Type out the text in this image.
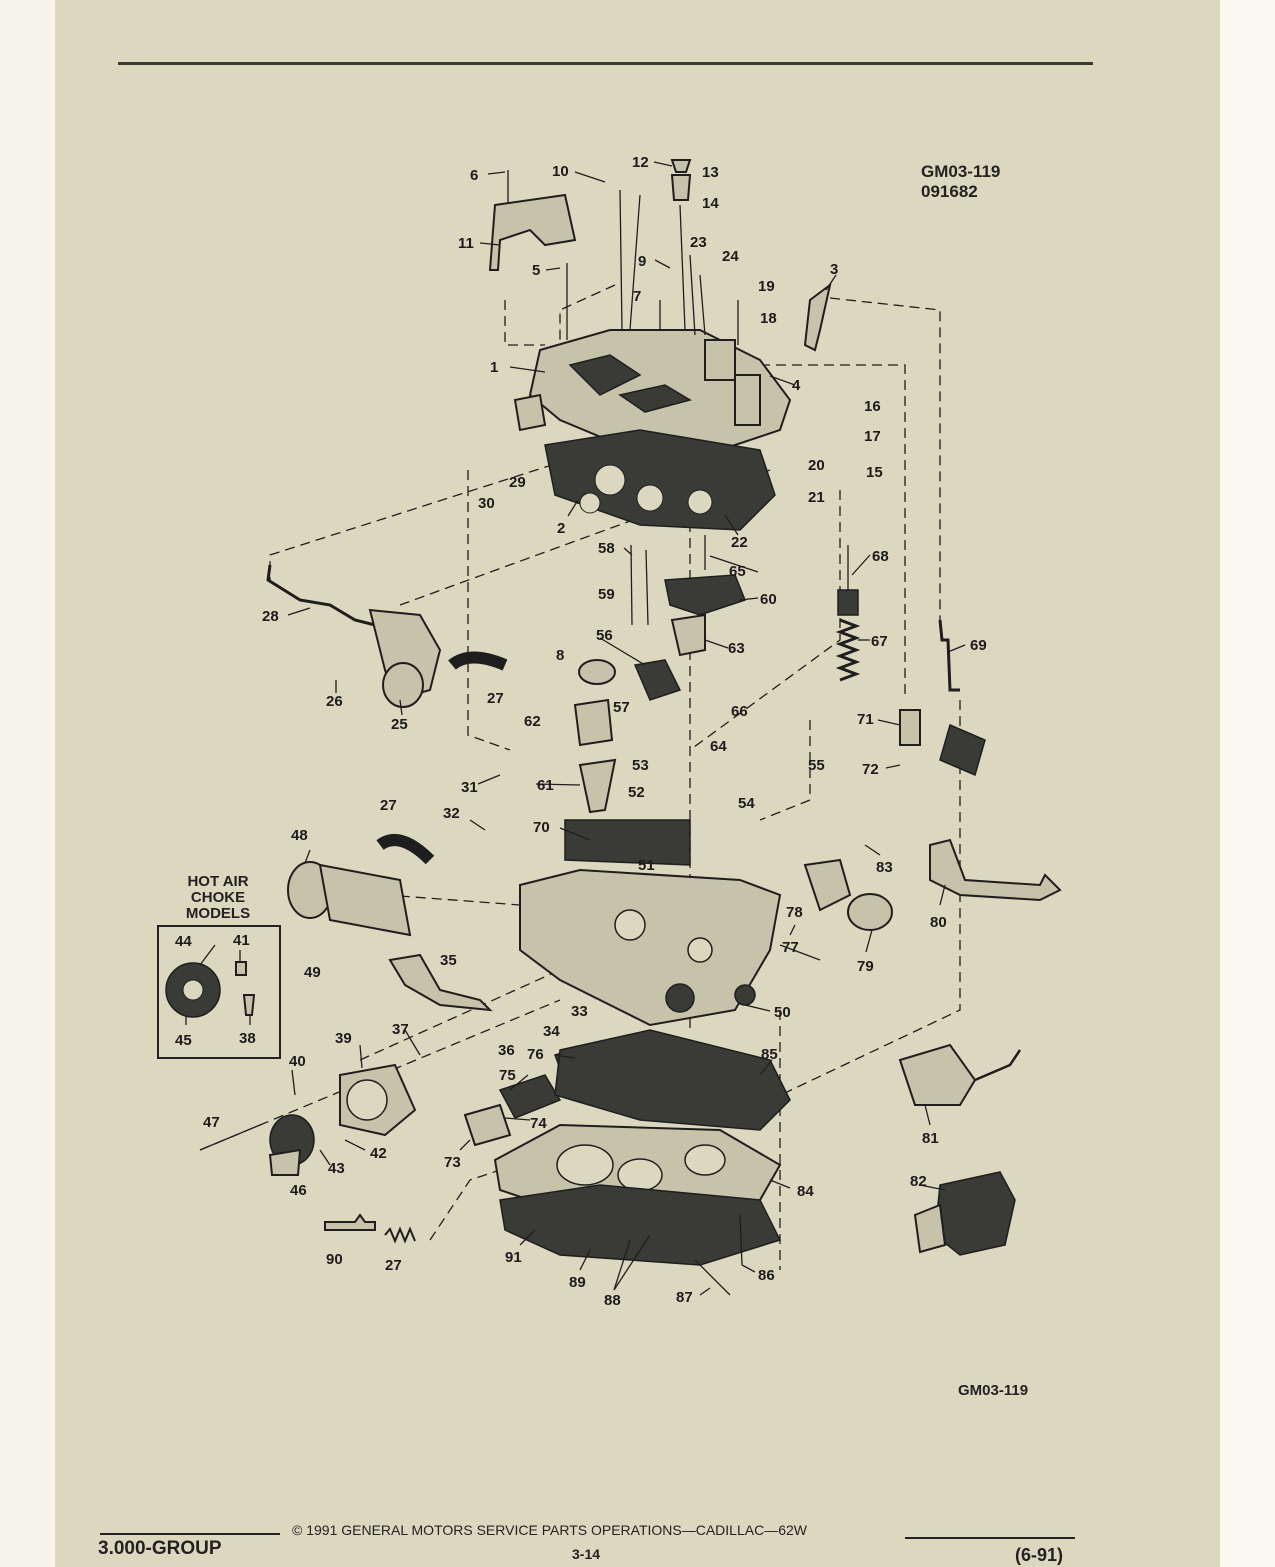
GM03-119
091682
1
2
3
4
5
6
7
8
9
10
11
12
13
14
15
16
17
18
19
20
21
22
23
24
25
26	27
27
27
28
29
30
31
32
33
34
35
36
37
39
40
42
43
46
47
48
49
50
51
52
53
54
55
56
57
58
59	60
61
62
63
64
65
66
67
68
69
70
71
72
73
74
75
76
77
78
79
80
81
82
83
84
85
86
87
88
89
90	91
44	41
45	38
HOT AIR
CHOKE
MODELS
GM03-119
3.000-GROUP
© 1991 GENERAL MOTORS SERVICE PARTS OPERATIONS—CADILLAC—62W
3-14	(6-91)
